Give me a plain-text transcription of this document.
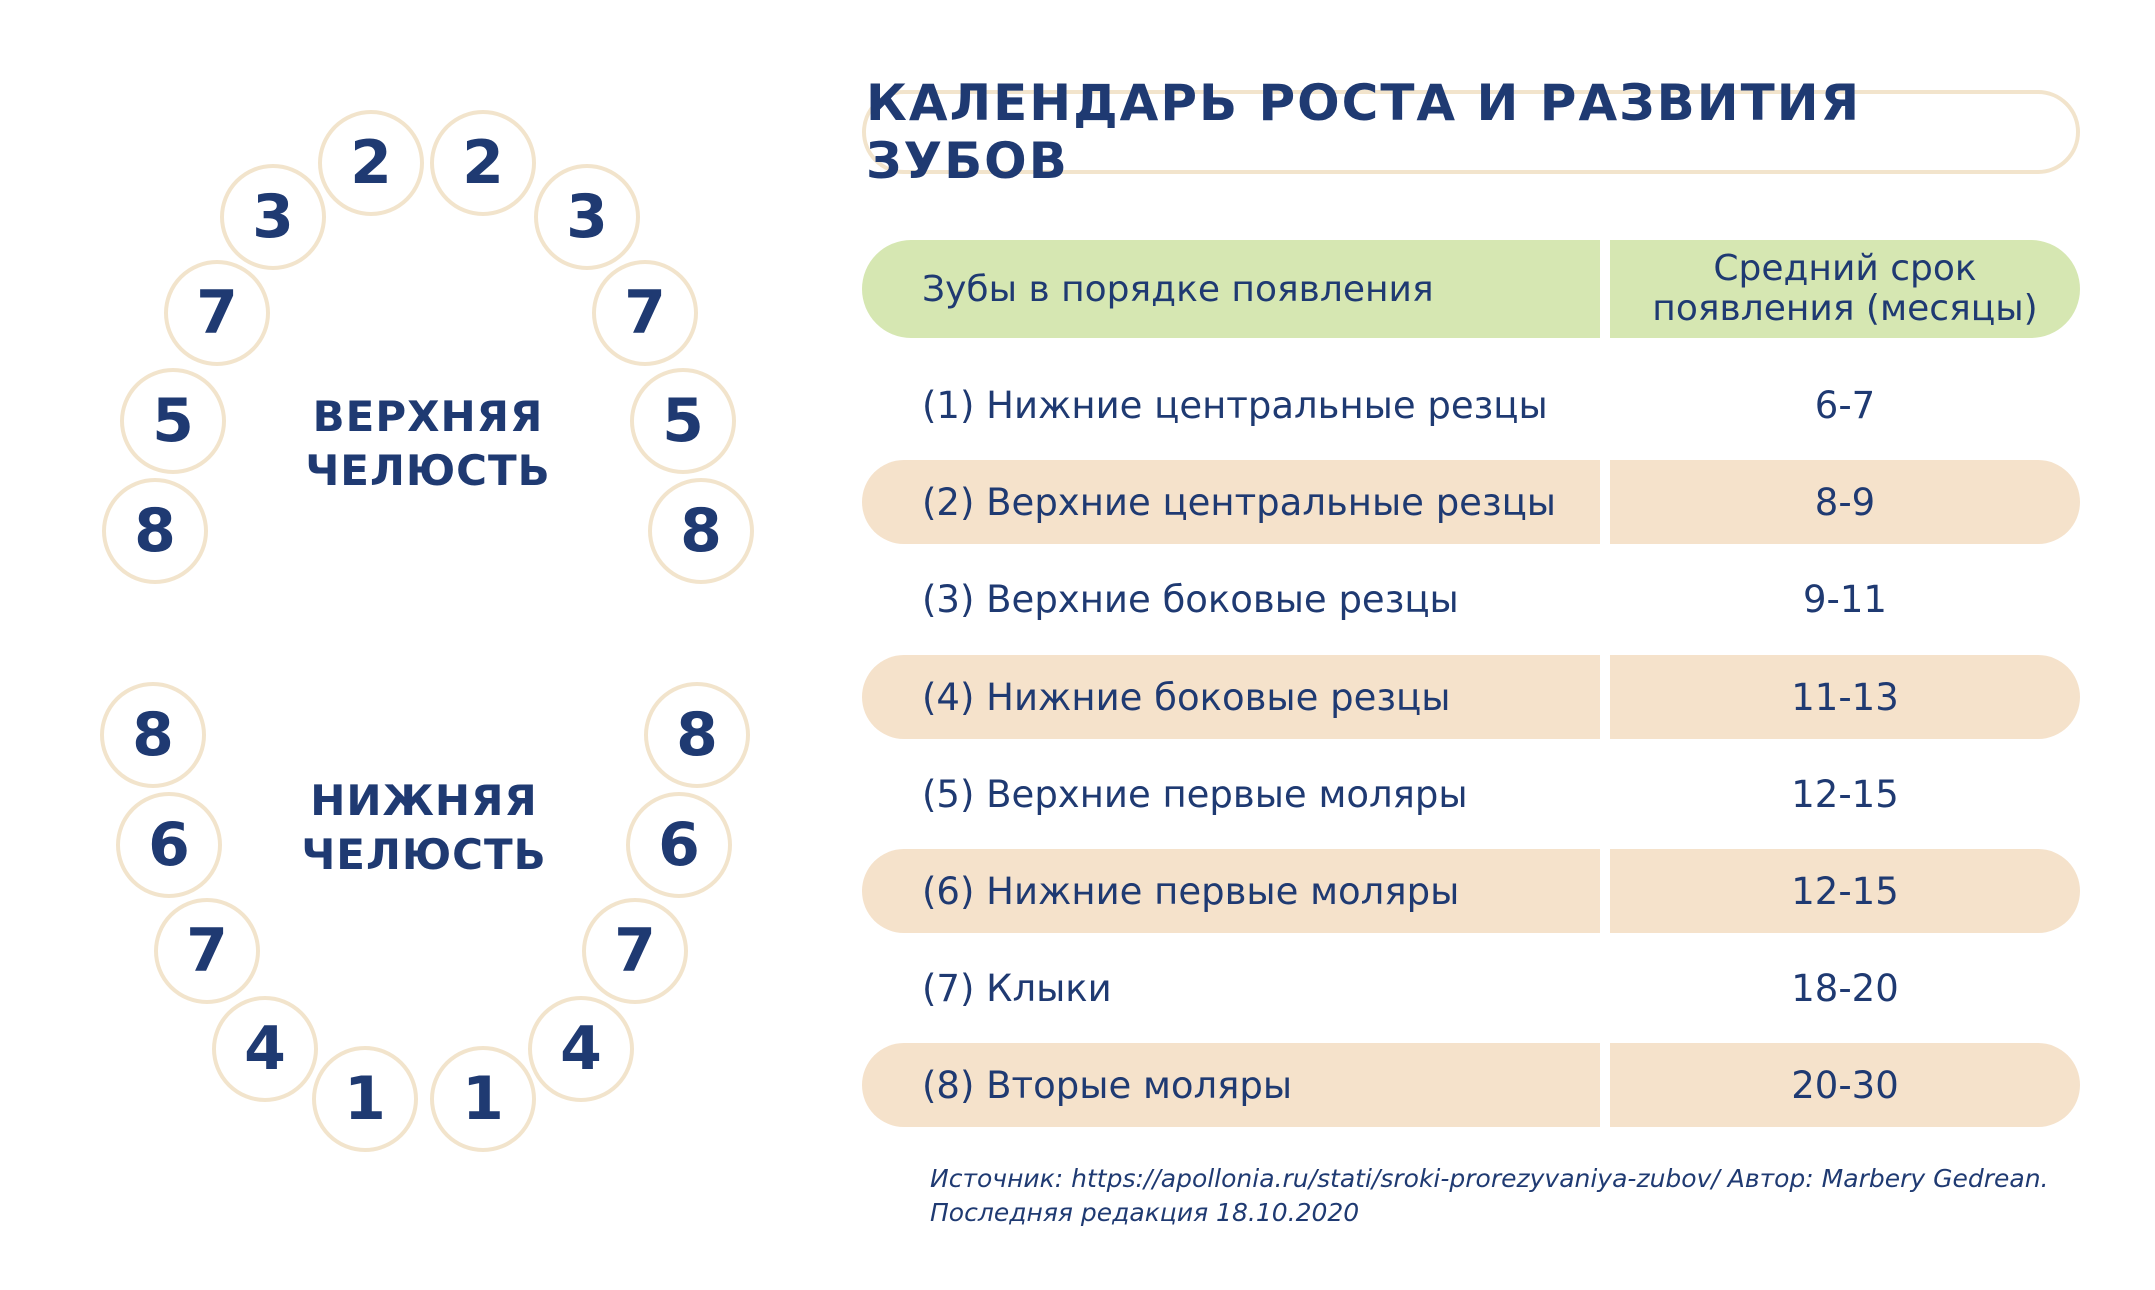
8
5
7
3
2	2
3
7
5
8
ВЕРХНЯЯ
ЧЕЛЮСТЬ
8
6
7
4
1	1
4
7
6
8
НИЖНЯЯ
ЧЕЛЮСТЬ
КАЛЕНДАРЬ РОСТА И РАЗВИТИЯ ЗУБОВ
Зубы в порядке появления	Средний срок
появления (месяцы)
(1) Нижние центральные резцы	6-7
(2) Верхние центральные резцы	8-9
(3) Верхние боковые резцы	9-11
(4) Нижние боковые резцы	11-13
(5) Верхние первые моляры	12-15
(6) Нижние первые моляры	12-15
(7) Клыки	18-20
(8) Вторые моляры	20-30
Источник: https://apollonia.ru/stati/sroki-prorezyvaniya-zubov/ Автор: Marbery Gedrean.
Последняя редакция 18.10.2020
